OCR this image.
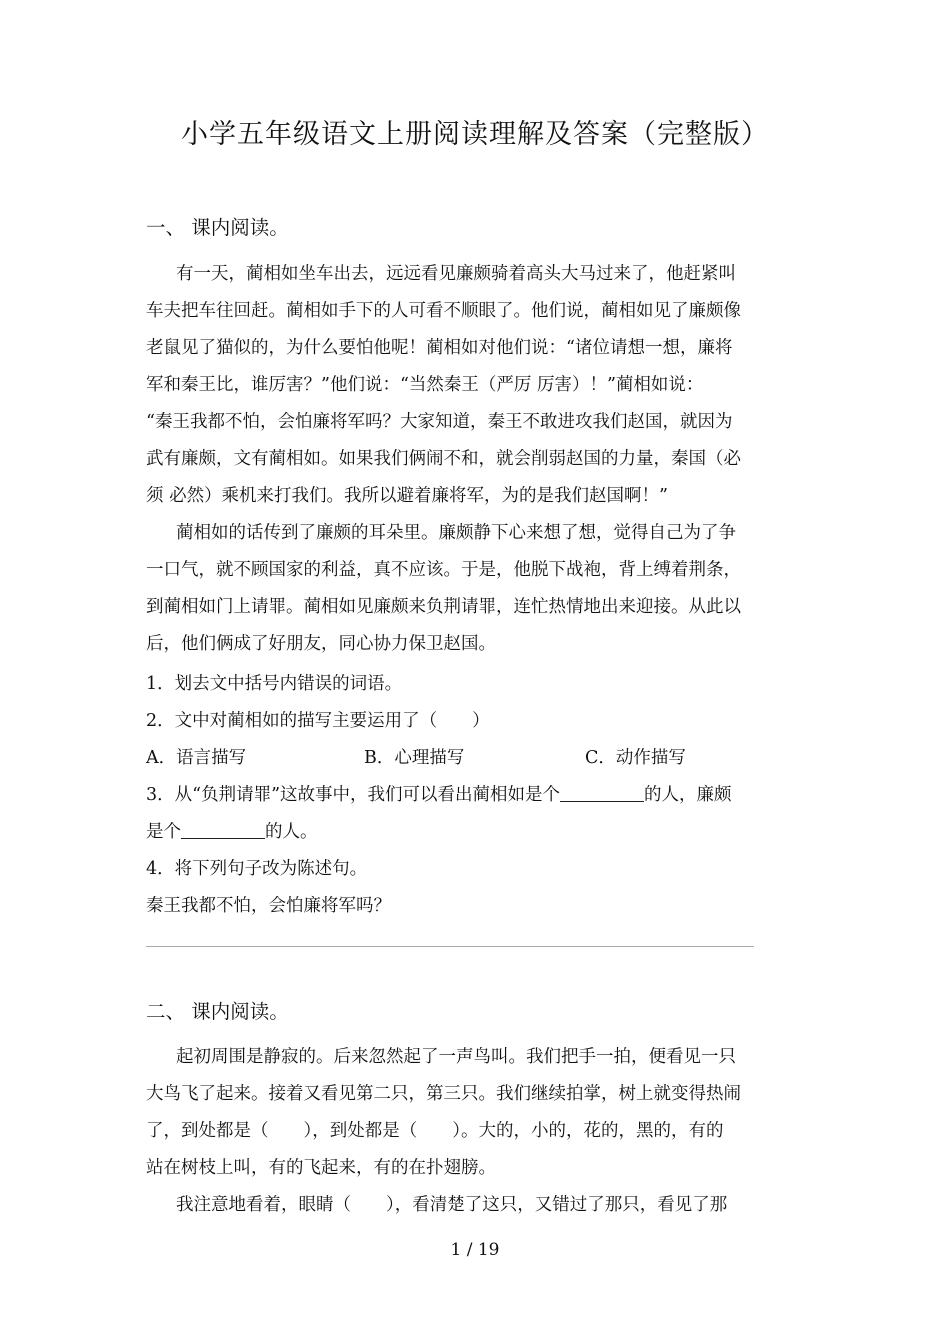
小学五年级语文上册阅读理解及答案（完整版）
一、 课内阅读。
有一天，蔺相如坐车出去，远远看见廉颇骑着高头大马过来了，他赶紧叫
车夫把车往回赶。蔺相如手下的人可看不顺眼了。他们说，蔺相如见了廉颇像
老鼠见了猫似的，为什么要怕他呢！蔺相如对他们说：“诸位请想一想，廉将
军和秦王比，谁厉害？”他们说：“当然秦王（严厉 厉害）！”蔺相如说：
“秦王我都不怕，会怕廉将军吗？大家知道，秦王不敢进攻我们赵国，就因为
武有廉颇，文有蔺相如。如果我们俩闹不和，就会削弱赵国的力量，秦国（必
须 必然）乘机来打我们。我所以避着廉将军，为的是我们赵国啊！”
蔺相如的话传到了廉颇的耳朵里。廉颇静下心来想了想，觉得自己为了争
一口气，就不顾国家的利益，真不应该。于是，他脱下战袍，背上缚着荆条，
到蔺相如门上请罪。蔺相如见廉颇来负荆请罪，连忙热情地出来迎接。从此以
后，他们俩成了好朋友，同心协力保卫赵国。
1．划去文中括号内错误的词语。
2．文中对蔺相如的描写主要运用了（　　）
A．语言描写	B．心理描写	C．动作描写
3．从“负荆请罪”这故事中，我们可以看出蔺相如是个	的人，廉颇
是个	的人。
4．将下列句子改为陈述句。
秦王我都不怕，会怕廉将军吗？
二、 课内阅读。
起初周围是静寂的。后来忽然起了一声鸟叫。我们把手一拍，便看见一只
大鸟飞了起来。接着又看见第二只，第三只。我们继续拍掌，树上就变得热闹
了，到处都是（　　），到处都是（　　）。大的，小的，花的，黑的，有的
站在树枝上叫，有的飞起来，有的在扑翅膀。
我注意地看着，眼睛（　　），看清楚了这只，又错过了那只，看见了那
1 / 19
